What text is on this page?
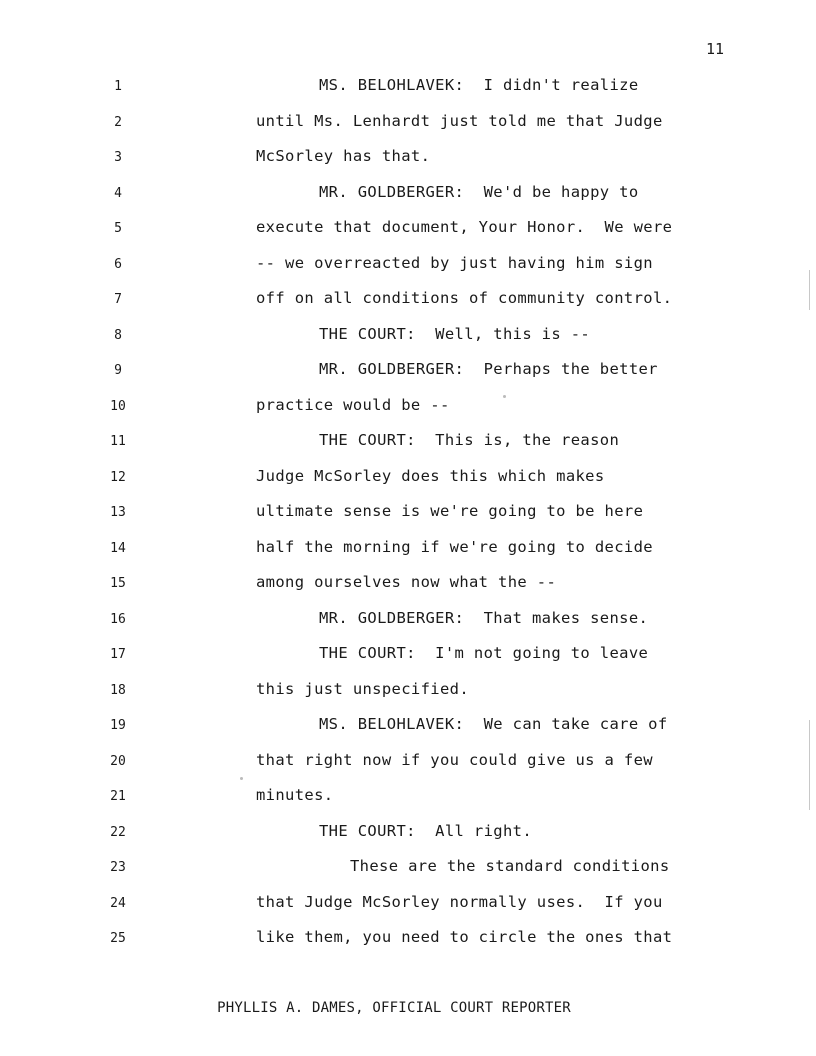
11
1	MS. BELOHLAVEK:  I didn't realize
2	until Ms. Lenhardt just told me that Judge
3	McSorley has that.
4	MR. GOLDBERGER:  We'd be happy to
5	execute that document, Your Honor.  We were
6	-- we overreacted by just having him sign
7	off on all conditions of community control.
8	THE COURT:  Well, this is --
9	MR. GOLDBERGER:  Perhaps the better
10	practice would be --
11	THE COURT:  This is, the reason
12	Judge McSorley does this which makes
13	ultimate sense is we're going to be here
14	half the morning if we're going to decide
15	among ourselves now what the --
16	MR. GOLDBERGER:  That makes sense.
17	THE COURT:  I'm not going to leave
18	this just unspecified.
19	MS. BELOHLAVEK:  We can take care of
20	that right now if you could give us a few
21	minutes.
22	THE COURT:  All right.
23	These are the standard conditions
24	that Judge McSorley normally uses.  If you
25	like them, you need to circle the ones that
PHYLLIS A. DAMES, OFFICIAL COURT REPORTER
